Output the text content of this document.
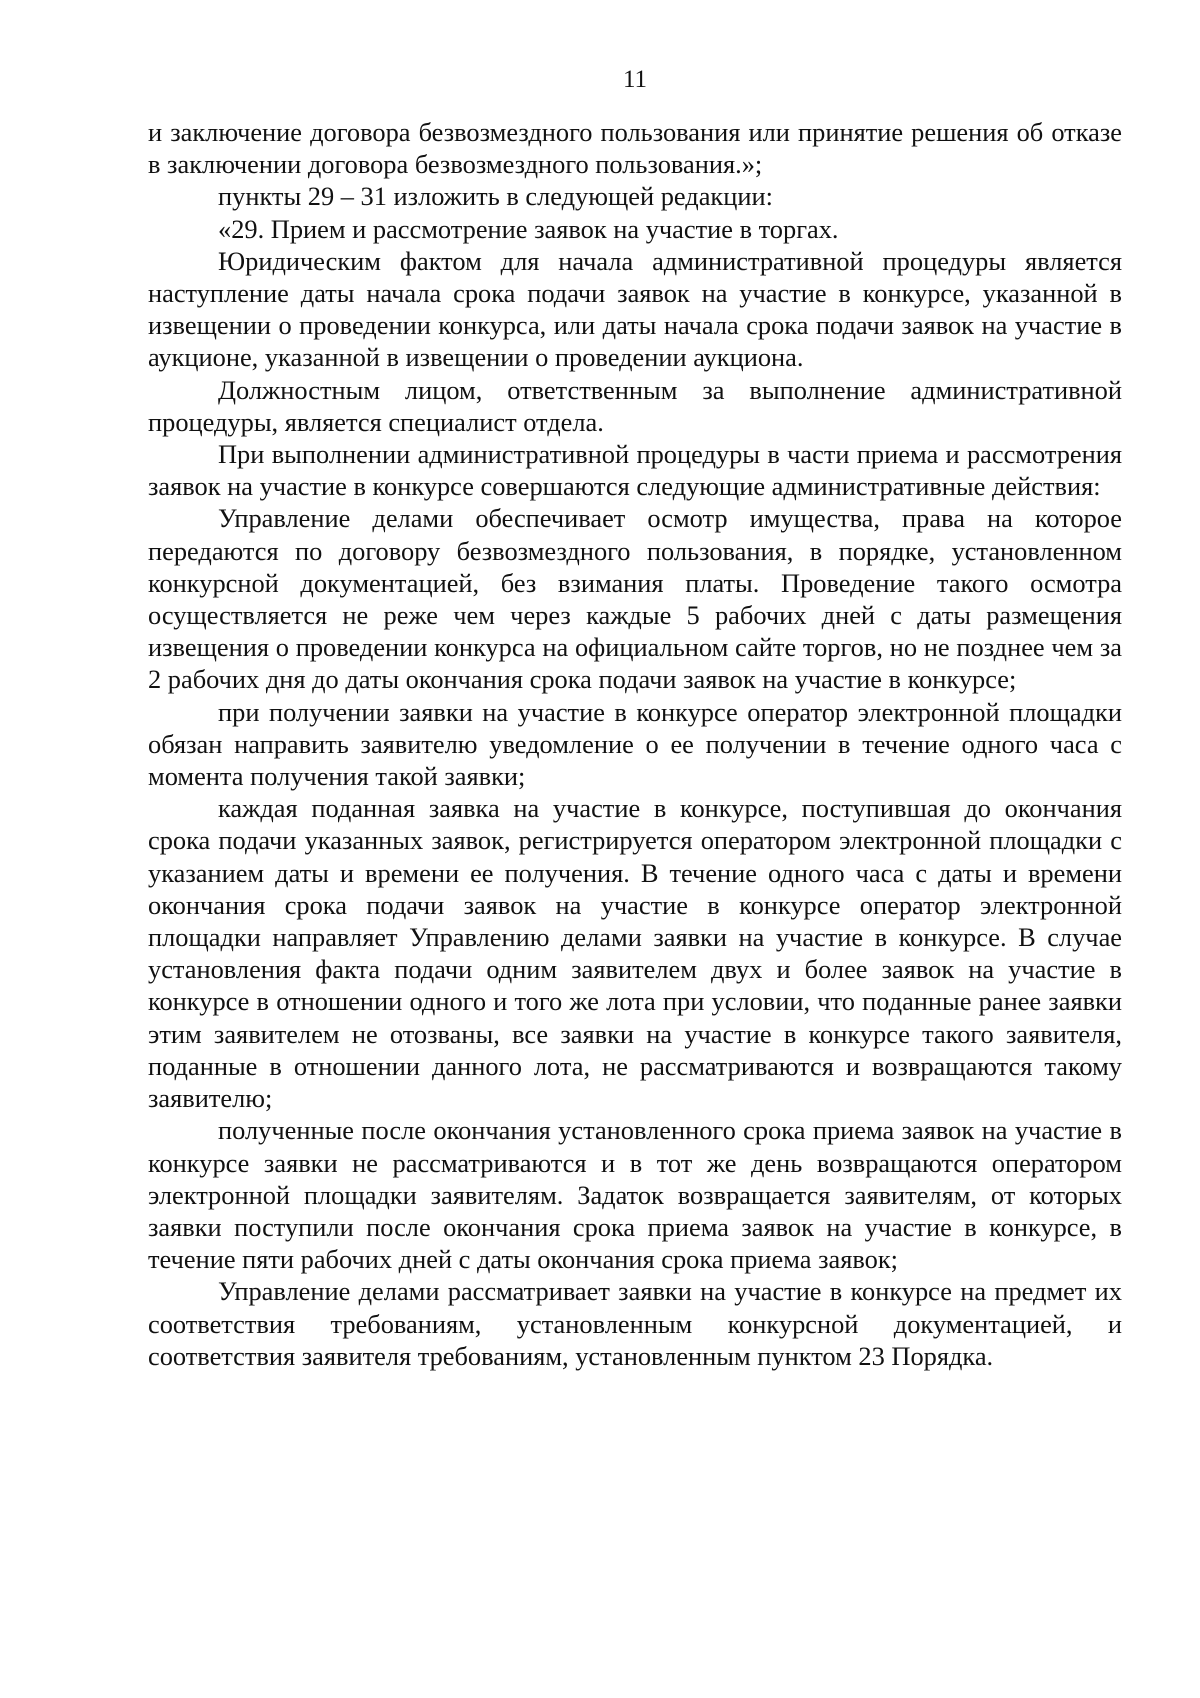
11

и заключение договора безвозмездного пользования или принятие решения об отказе в заключении договора безвозмездного пользования.»;

пункты 29 – 31 изложить в следующей редакции:

«29. Прием и рассмотрение заявок на участие в торгах.

Юридическим фактом для начала административной процедуры является наступление даты начала срока подачи заявок на участие в конкурсе, указанной в извещении о проведении конкурса, или даты начала срока подачи заявок на участие в аукционе, указанной в извещении о проведении аукциона.

Должностным лицом, ответственным за выполнение административной процедуры, является специалист отдела.

При выполнении административной процедуры в части приема и рассмотрения заявок на участие в конкурсе совершаются следующие административные действия:

Управление делами обеспечивает осмотр имущества, права на которое передаются по договору безвозмездного пользования, в порядке, установленном конкурсной документацией, без взимания платы. Проведение такого осмотра осуществляется не реже чем через каждые 5 рабочих дней с даты размещения извещения о проведении конкурса на официальном сайте торгов, но не позднее чем за 2 рабочих дня до даты окончания срока подачи заявок на участие в конкурсе;

при получении заявки на участие в конкурсе оператор электронной площадки обязан направить заявителю уведомление о ее получении в течение одного часа с момента получения такой заявки;

каждая поданная заявка на участие в конкурсе, поступившая до окончания срока подачи указанных заявок, регистрируется оператором электронной площадки с указанием даты и времени ее получения. В течение одного часа с даты и времени окончания срока подачи заявок на участие в конкурсе оператор электронной площадки направляет Управлению делами заявки на участие в конкурсе. В случае установления факта подачи одним заявителем двух и более заявок на участие в конкурсе в отношении одного и того же лота при условии, что поданные ранее заявки этим заявителем не отозваны, все заявки на участие в конкурсе такого заявителя, поданные в отношении данного лота, не рассматриваются и возвращаются такому заявителю;

полученные после окончания установленного срока приема заявок на участие в конкурсе заявки не рассматриваются и в тот же день возвращаются оператором электронной площадки заявителям. Задаток возвращается заявителям, от которых заявки поступили после окончания срока приема заявок на участие в конкурсе, в течение пяти рабочих дней с даты окончания срока приема заявок;

Управление делами рассматривает заявки на участие в конкурсе на предмет их соответствия требованиям, установленным конкурсной документацией, и соответствия заявителя требованиям, установленным пунктом 23 Порядка.
